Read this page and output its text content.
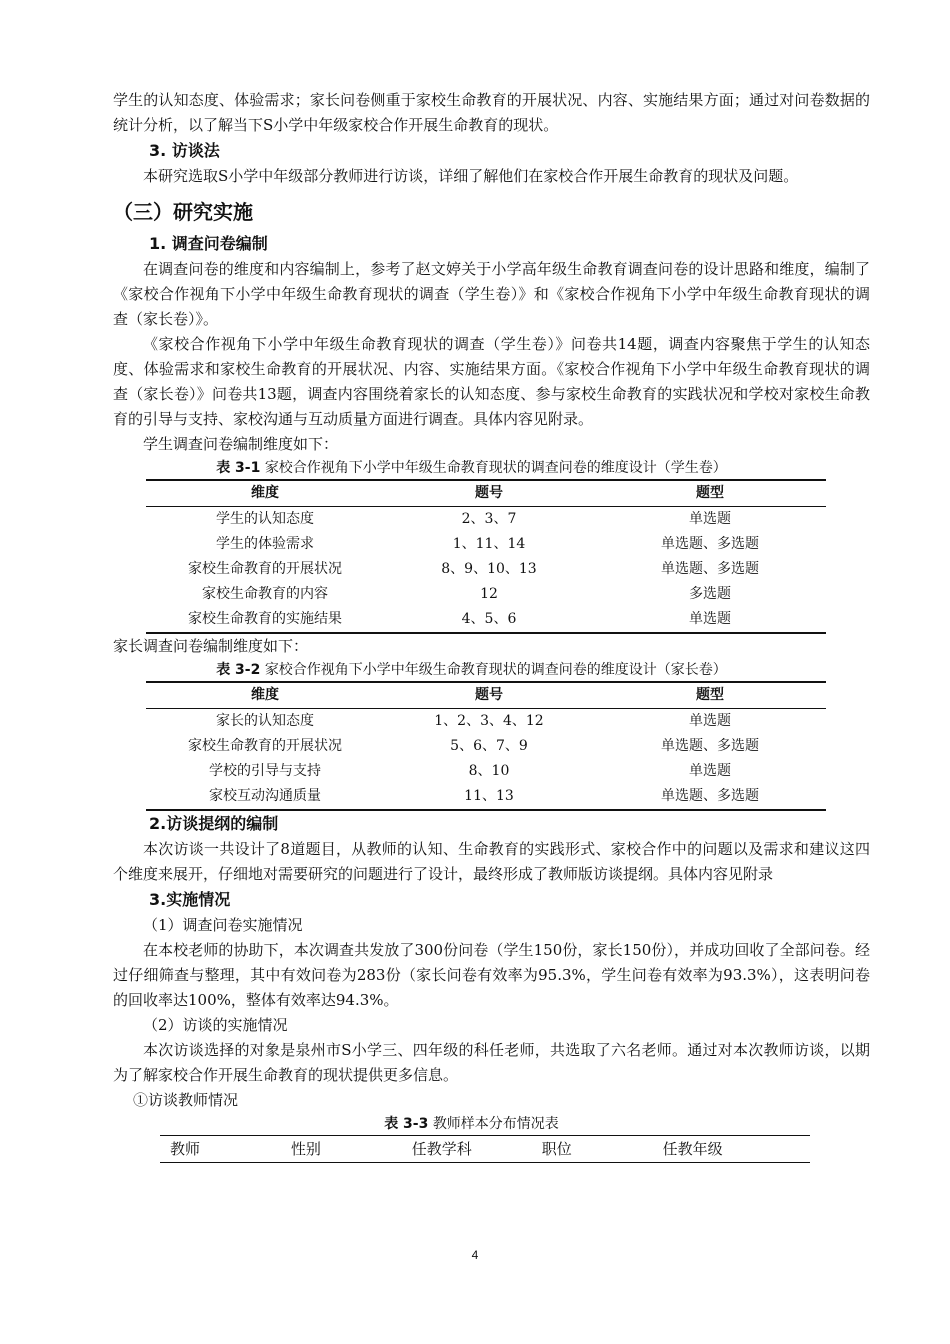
学生的认知态度、体验需求；家长问卷侧重于家校生命教育的开展状况、内容、实施结果方面；通过对问卷数据的统计分析，以了解当下S小学中年级家校合作开展生命教育的现状。

3. 访谈法

本研究选取S小学中年级部分教师进行访谈，详细了解他们在家校合作开展生命教育的现状及问题。

（三）研究实施

1. 调查问卷编制

在调查问卷的维度和内容编制上，参考了赵文婷关于小学高年级生命教育调查问卷的设计思路和维度，编制了《家校合作视角下小学中年级生命教育现状的调查（学生卷）》和《家校合作视角下小学中年级生命教育现状的调查（家长卷）》。

《家校合作视角下小学中年级生命教育现状的调查（学生卷）》问卷共14题，调查内容聚焦于学生的认知态度、体验需求和家校生命教育的开展状况、内容、实施结果方面。《家校合作视角下小学中年级生命教育现状的调查（家长卷）》问卷共13题，调查内容围绕着家长的认知态度、参与家校生命教育的实践状况和学校对家校生命教育的引导与支持、家校沟通与互动质量方面进行调查。具体内容见附录。

学生调查问卷编制维度如下：

表 3-1 家校合作视角下小学中年级生命教育现状的调查问卷的维度设计（学生卷）
维度	题号	题型
学生的认知态度	2、3、7	单选题
学生的体验需求	1、11、14	单选题、多选题
家校生命教育的开展状况	8、9、10、13	单选题、多选题
家校生命教育的内容	12	多选题
家校生命教育的实施结果	4、5、6	单选题

家长调查问卷编制维度如下：

表 3-2 家校合作视角下小学中年级生命教育现状的调查问卷的维度设计（家长卷）
维度	题号	题型
家长的认知态度	1、2、3、4、12	单选题
家校生命教育的开展状况	5、6、7、9	单选题、多选题
学校的引导与支持	8、10	单选题
家校互动沟通质量	11、13	单选题、多选题

2.访谈提纲的编制

本次访谈一共设计了8道题目，从教师的认知、生命教育的实践形式、家校合作中的问题以及需求和建议这四个维度来展开，仔细地对需要研究的问题进行了设计，最终形成了教师版访谈提纲。具体内容见附录

3.实施情况

（1）调查问卷实施情况

在本校老师的协助下，本次调查共发放了300份问卷（学生150份，家长150份），并成功回收了全部问卷。经过仔细筛查与整理，其中有效问卷为283份（家长问卷有效率为95.3%，学生问卷有效率为93.3%），这表明问卷的回收率达100%，整体有效率达94.3%。

（2）访谈的实施情况

本次访谈选择的对象是泉州市S小学三、四年级的科任老师，共选取了六名老师。通过对本次教师访谈，以期为了解家校合作开展生命教育的现状提供更多信息。

①访谈教师情况

表 3-3 教师样本分布情况表
教师	性别	任教学科	职位	任教年级
4
